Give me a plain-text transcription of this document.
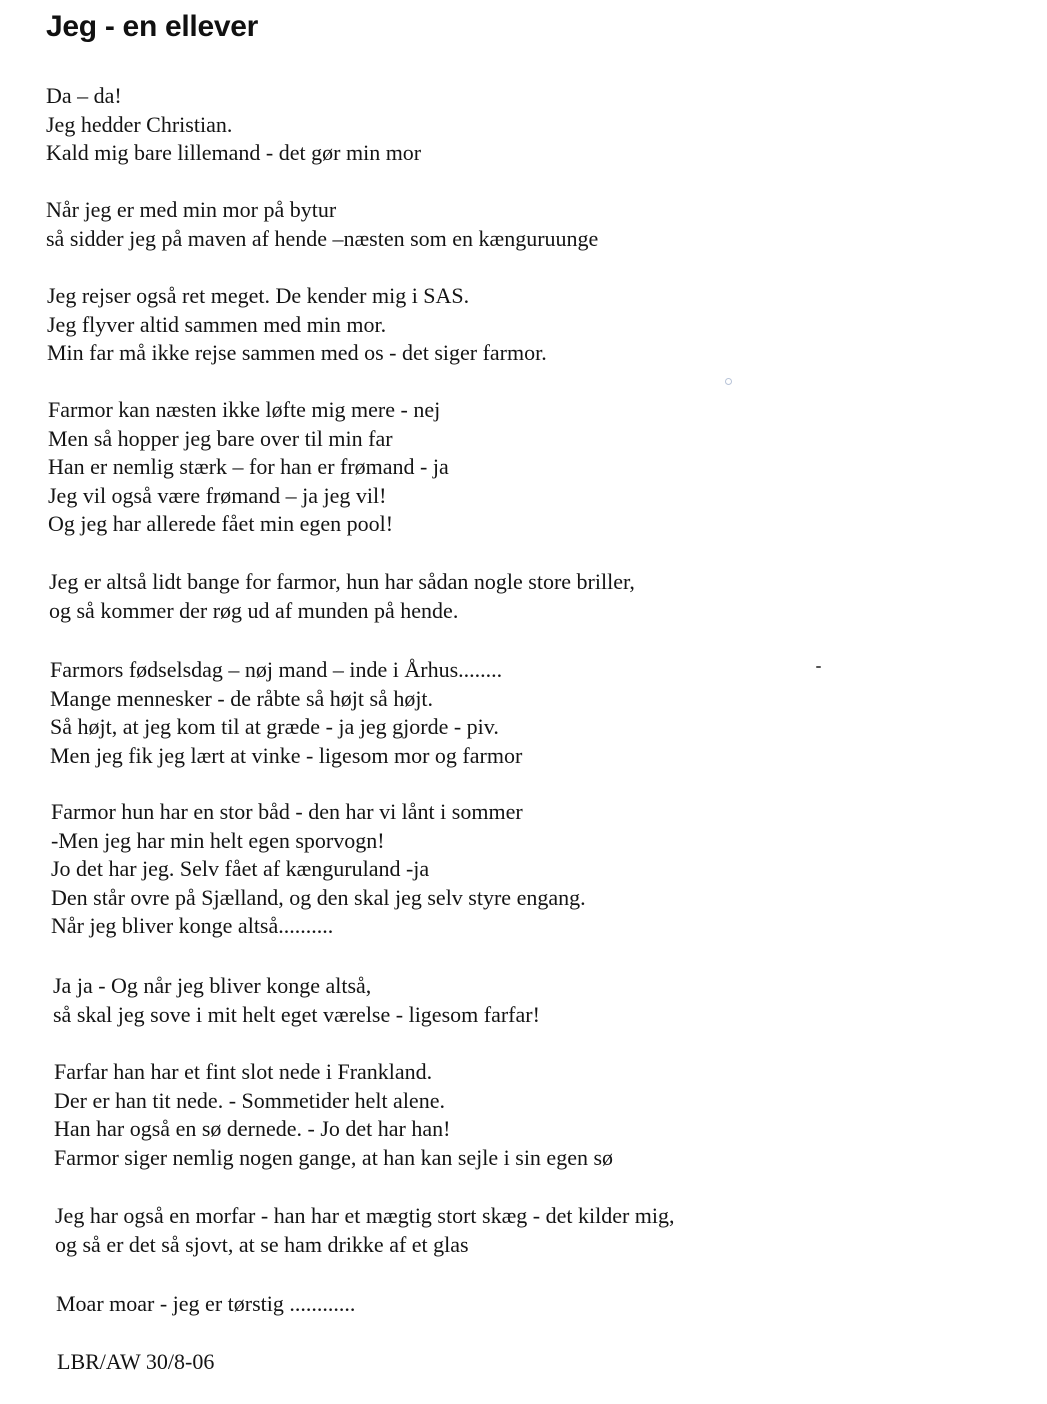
Jeg - en ellever
Da – da!
Jeg hedder Christian.
Kald mig bare lillemand - det gør min mor
Når jeg er med min mor på bytur
så sidder jeg på maven af hende –næsten som en kænguruunge
Jeg rejser også ret meget. De kender mig i SAS.
Jeg flyver altid sammen med min mor.
Min far må ikke rejse sammen med os - det siger farmor.
Farmor kan næsten ikke løfte mig mere - nej
Men så hopper jeg bare over til min far
Han er nemlig stærk – for han er frømand - ja
Jeg vil også være frømand – ja jeg vil!
Og jeg har allerede fået min egen pool!
Jeg er altså lidt bange for farmor, hun har sådan nogle store briller,
og så kommer der røg ud af munden på hende.
Farmors fødselsdag – nøj mand – inde i Århus........
Mange mennesker - de råbte så højt så højt.
Så højt, at jeg kom til at græde - ja jeg gjorde - piv.
Men jeg fik jeg lært at vinke - ligesom mor og farmor
Farmor hun har en stor båd - den har vi lånt i sommer
-Men jeg har min helt egen sporvogn!
Jo det har jeg. Selv fået af kænguruland -ja
Den står ovre på Sjælland, og den skal jeg selv styre engang.
Når jeg bliver konge altså..........
Ja ja - Og når jeg bliver konge altså,
så skal jeg sove i mit helt eget værelse - ligesom farfar!
Farfar han har et fint slot nede i Frankland.
Der er han tit nede. - Sommetider helt alene.
Han har også en sø dernede. - Jo det har han!
Farmor siger nemlig nogen gange, at han kan sejle i sin egen sø
Jeg har også en morfar - han har et mægtig stort skæg - det kilder mig,
og så er det så sjovt, at se ham drikke af et glas
Moar moar - jeg er tørstig ............
LBR/AW 30/8-06
